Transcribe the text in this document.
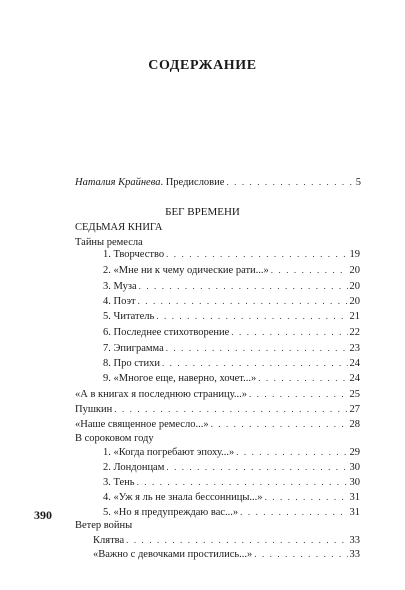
СОДЕРЖАНИЕ
Наталия Крайнева. Предисловие . . .	5
БЕГ ВРЕМЕНИ
СЕДЬМАЯ КНИГА
Тайны ремесла
1. Творчество . . .	19
2. «Мне ни к чему одические рати...» . . .	20
3. Муза . . .	20
4. Поэт . . .	20
5. Читатель . . .	21
6. Последнее стихотворение . . .	22
7. Эпиграмма . . .	23
8. Про стихи . . .	24
9. «Многое еще, наверно, хочет...» . . .	24
«А в книгах я последнюю страницу...» . . .	25
Пушкин . . .	27
«Наше священное ремесло...» . . .	28
В сороковом году
1. «Когда погребают эпоху...» . . .	29
2. Лондонцам . . .	30
3. Тень . . .	30
4. «Уж я ль не знала бессонницы...» . . .	31
5. «Но я предупреждаю вас...» . . .	31
Ветер войны
Клятва . . .	33
«Важно с девочками простились...» . . .	33
390
